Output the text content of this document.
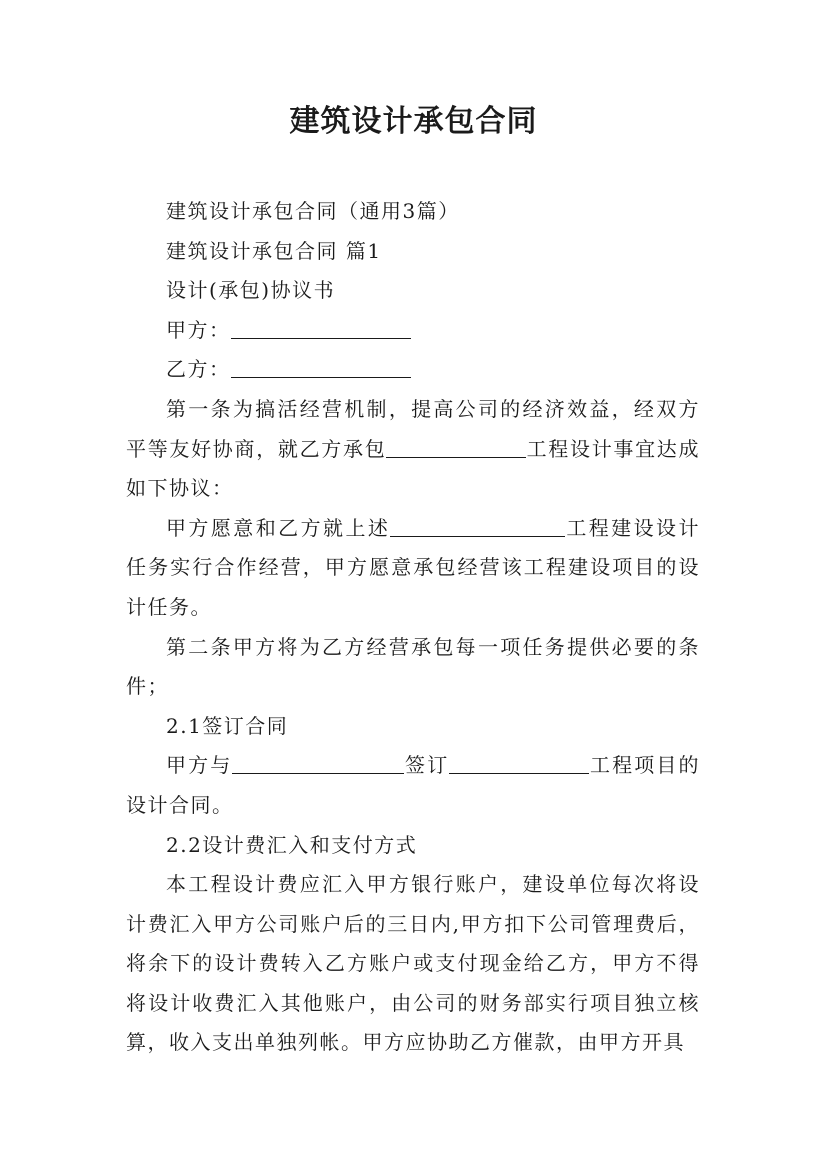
建筑设计承包合同

建筑设计承包合同（通用3篇）

建筑设计承包合同 篇1

设计(承包)协议书

甲方：

乙方：

第一条为搞活经营机制，提高公司的经济效益，经双方平等友好协商，就乙方承包	工程设计事宜达成如下协议：

甲方愿意和乙方就上述	工程建设设计任务实行合作经营，甲方愿意承包经营该工程建设项目的设计任务。

第二条甲方将为乙方经营承包每一项任务提供必要的条件；

2.1签订合同

甲方与	签订	工程项目的设计合同。

2.2设计费汇入和支付方式

本工程设计费应汇入甲方银行账户，建设单位每次将设计费汇入甲方公司账户后的三日内,甲方扣下公司管理费后，将余下的设计费转入乙方账户或支付现金给乙方，甲方不得将设计收费汇入其他账户，由公司的财务部实行项目独立核算，收入支出单独列帐。甲方应协助乙方催款，由甲方开具
